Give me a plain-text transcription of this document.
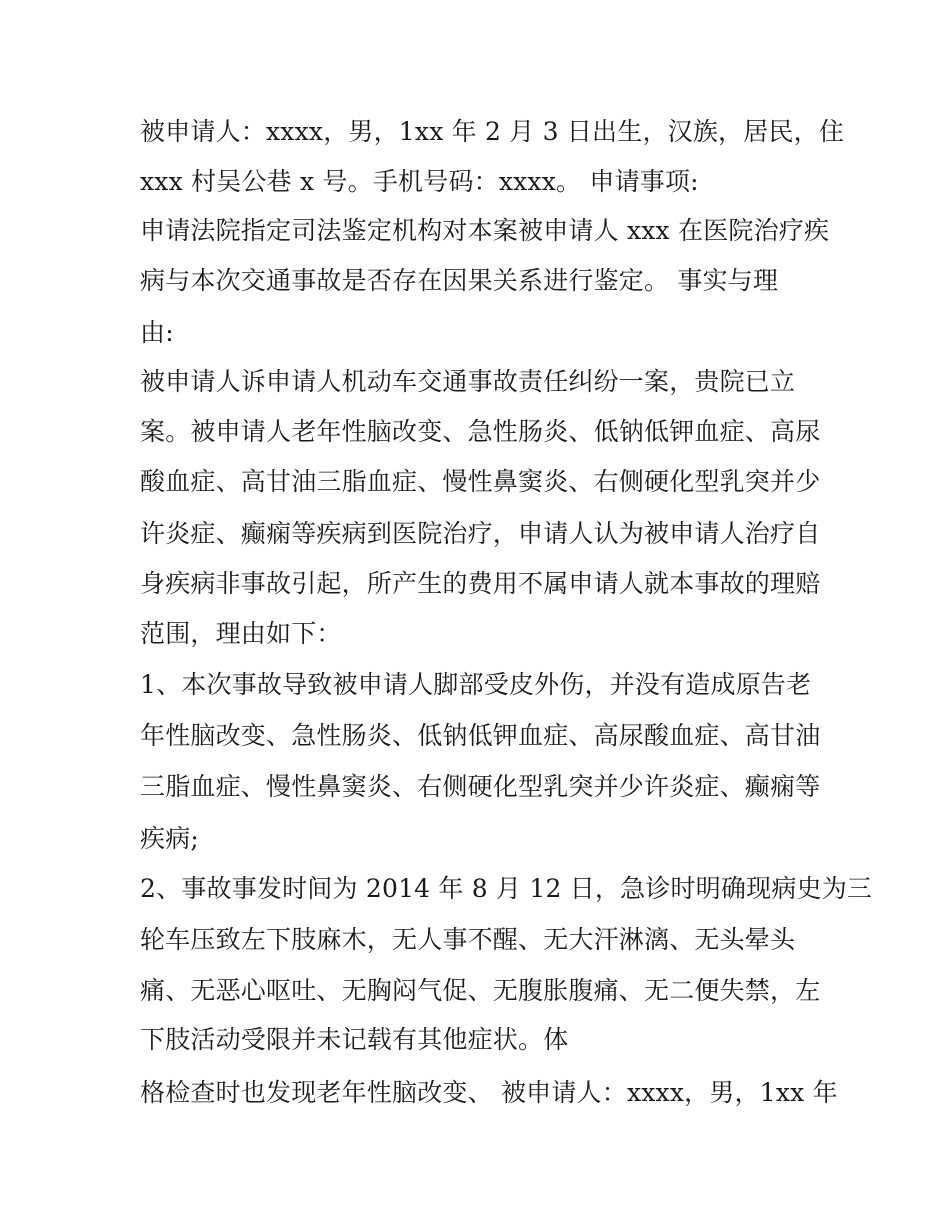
被申请人：xxxx，男，1xx 年 2 月 3 日出生，汉族，居民，住
xxx 村吴公巷 x 号。手机号码：xxxx。 申请事项:
申请法院指定司法鉴定机构对本案被申请人 xxx 在医院治疗疾
病与本次交通事故是否存在因果关系进行鉴定。 事实与理
由:
被申请人诉申请人机动车交通事故责任纠纷一案，贵院已立
案。被申请人老年性脑改变、急性肠炎、低钠低钾血症、高尿
酸血症、高甘油三脂血症、慢性鼻窦炎、右侧硬化型乳突并少
许炎症、癫痫等疾病到医院治疗，申请人认为被申请人治疗自
身疾病非事故引起，所产生的费用不属申请人就本事故的理赔
范围，理由如下：
1、本次事故导致被申请人脚部受皮外伤，并没有造成原告老
年性脑改变、急性肠炎、低钠低钾血症、高尿酸血症、高甘油
三脂血症、慢性鼻窦炎、右侧硬化型乳突并少许炎症、癫痫等
疾病;
2、事故事发时间为 2014 年 8 月 12 日，急诊时明确现病史为三
轮车压致左下肢麻木，无人事不醒、无大汗淋漓、无头晕头
痛、无恶心呕吐、无胸闷气促、无腹胀腹痛、无二便失禁，左
下肢活动受限并未记载有其他症状。体
格检查时也发现老年性脑改变、 被申请人：xxxx，男，1xx 年
